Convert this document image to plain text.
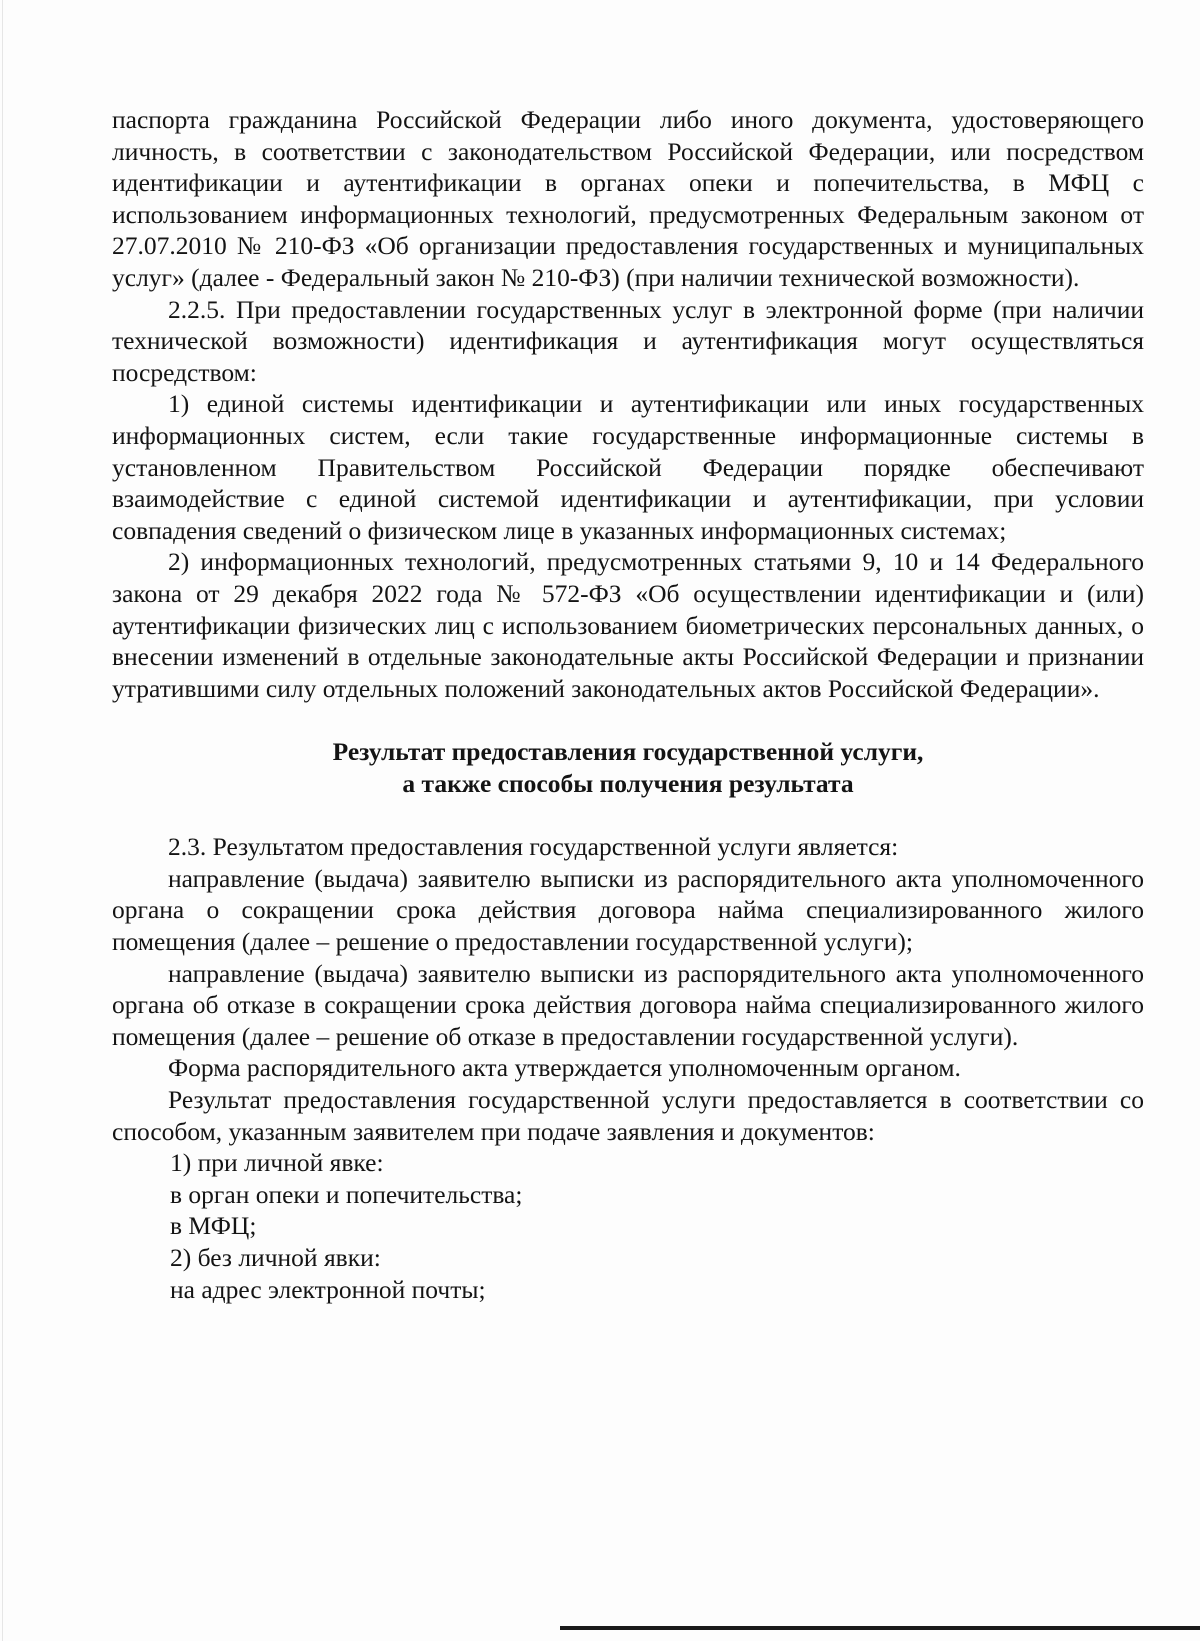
паспорта гражданина Российской Федерации либо иного документа, удостоверяющего личность, в соответствии с законодательством Российской Федерации, или посредством идентификации и аутентификации в органах опеки и попечительства, в МФЦ с использованием информационных технологий, предусмотренных Федеральным законом от 27.07.2010 № 210-ФЗ «Об организации предоставления государственных и муниципальных услуг» (далее - Федеральный закон № 210-ФЗ) (при наличии технической возможности).

2.2.5. При предоставлении государственных услуг в электронной форме (при наличии технической возможности) идентификация и аутентификация могут осуществляться посредством:

1) единой системы идентификации и аутентификации или иных государственных информационных систем, если такие государственные информационные системы в установленном Правительством Российской Федерации порядке обеспечивают взаимодействие с единой системой идентификации и аутентификации, при условии совпадения сведений о физическом лице в указанных информационных системах;

2) информационных технологий, предусмотренных статьями 9, 10 и 14 Федерального закона от 29 декабря 2022 года № 572-ФЗ «Об осуществлении идентификации и (или) аутентификации физических лиц с использованием биометрических персональных данных, о внесении изменений в отдельные законодательные акты Российской Федерации и признании утратившими силу отдельных положений законодательных актов Российской Федерации».

Результат предоставления государственной услуги,
а также способы получения результата

2.3. Результатом предоставления государственной услуги является:

направление (выдача) заявителю выписки из распорядительного акта уполномоченного органа о сокращении срока действия договора найма специализированного жилого помещения (далее – решение о предоставлении государственной услуги);

направление (выдача) заявителю выписки из распорядительного акта уполномоченного органа об отказе в сокращении срока действия договора найма специализированного жилого помещения (далее – решение об отказе в предоставлении государственной услуги).

Форма распорядительного акта утверждается уполномоченным органом.

Результат предоставления государственной услуги предоставляется в соответствии со способом, указанным заявителем при подаче заявления и документов:

1) при личной явке:

в орган опеки и попечительства;

в МФЦ;

2) без личной явки:

на адрес электронной почты;
